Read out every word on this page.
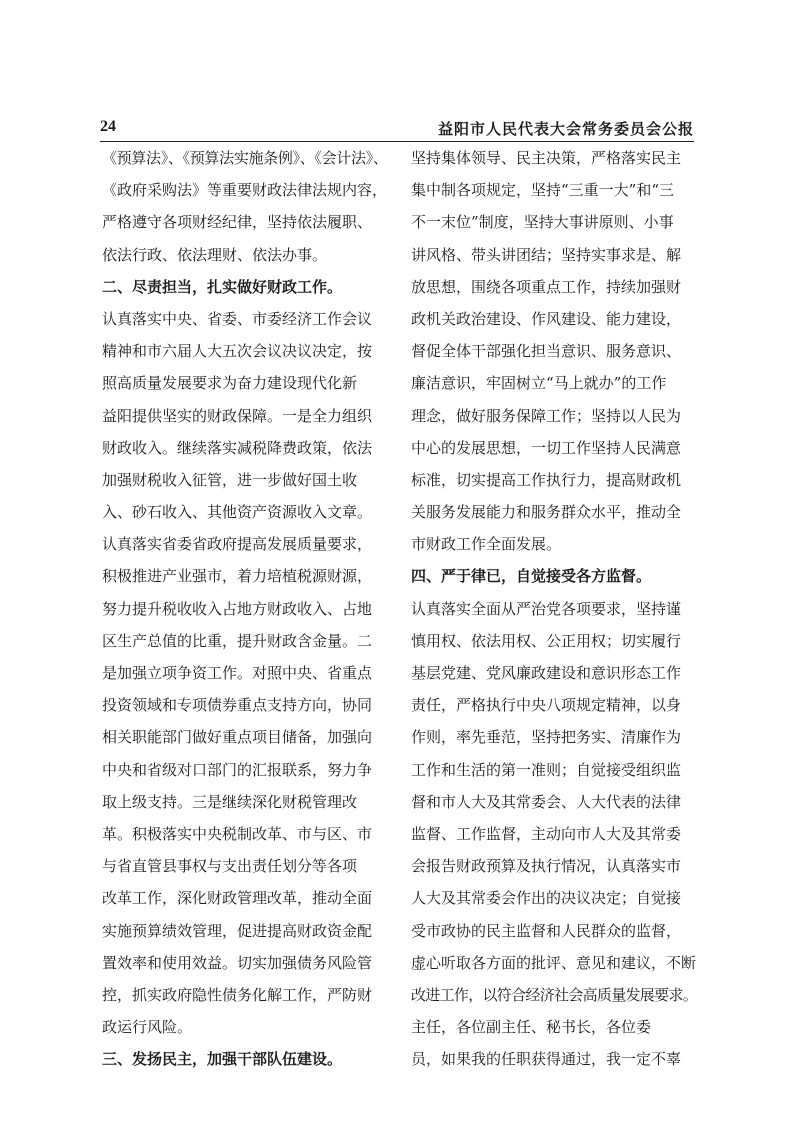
24	益阳市人民代表大会常务委员会公报
《预算法》、《预算法实施条例》、《会计法》、
《政府采购法》等重要财政法律法规内容，
严格遵守各项财经纪律，坚持依法履职、
依法行政、依法理财、依法办事。
二、尽责担当，扎实做好财政工作。
认真落实中央、省委、市委经济工作会议
精神和市六届人大五次会议决议决定，按
照高质量发展要求为奋力建设现代化新
益阳提供坚实的财政保障。一是全力组织
财政收入。继续落实减税降费政策，依法
加强财税收入征管，进一步做好国土收
入、砂石收入、其他资产资源收入文章。
认真落实省委省政府提高发展质量要求，
积极推进产业强市，着力培植税源财源，
努力提升税收收入占地方财政收入、占地
区生产总值的比重，提升财政含金量。二
是加强立项争资工作。对照中央、省重点
投资领域和专项债券重点支持方向，协同
相关职能部门做好重点项目储备，加强向
中央和省级对口部门的汇报联系，努力争
取上级支持。三是继续深化财税管理改
革。积极落实中央税制改革、市与区、市
与省直管县事权与支出责任划分等各项
改革工作，深化财政管理改革，推动全面
实施预算绩效管理，促进提高财政资金配
置效率和使用效益。切实加强债务风险管
控，抓实政府隐性债务化解工作，严防财
政运行风险。
三、发扬民主，加强干部队伍建设。
坚持集体领导、民主决策，严格落实民主
集中制各项规定，坚持“三重一大”和“三
不一末位”制度，坚持大事讲原则、小事
讲风格、带头讲团结；坚持实事求是、解
放思想，围绕各项重点工作，持续加强财
政机关政治建设、作风建设、能力建设，
督促全体干部强化担当意识、服务意识、
廉洁意识，牢固树立“马上就办”的工作
理念，做好服务保障工作；坚持以人民为
中心的发展思想，一切工作坚持人民满意
标准，切实提高工作执行力，提高财政机
关服务发展能力和服务群众水平，推动全
市财政工作全面发展。
四、严于律已，自觉接受各方监督。
认真落实全面从严治党各项要求，坚持谨
慎用权、依法用权、公正用权；切实履行
基层党建、党风廉政建设和意识形态工作
责任，严格执行中央八项规定精神，以身
作则，率先垂范，坚持把务实、清廉作为
工作和生活的第一准则；自觉接受组织监
督和市人大及其常委会、人大代表的法律
监督、工作监督，主动向市人大及其常委
会报告财政预算及执行情况，认真落实市
人大及其常委会作出的决议决定；自觉接
受市政协的民主监督和人民群众的监督，
虚心听取各方面的批评、意见和建议，不断
改进工作，以符合经济社会高质量发展要求。
主任，各位副主任、秘书长，各位委
员，如果我的任职获得通过，我一定不辜
